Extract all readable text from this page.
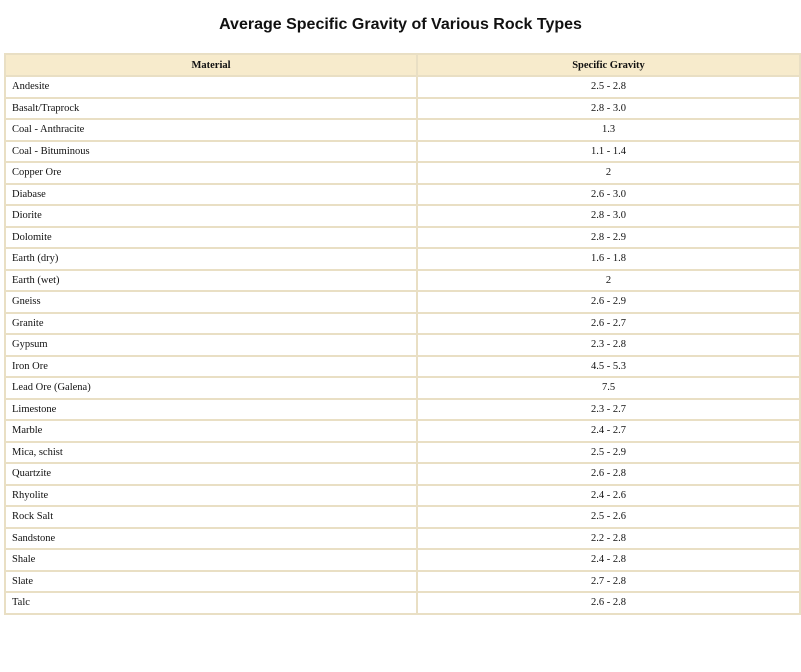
Average Specific Gravity of Various Rock Types
Material	Specific Gravity
Andesite	2.5 - 2.8
Basalt/Traprock	2.8 - 3.0
Coal - Anthracite	1.3
Coal - Bituminous	1.1 - 1.4
Copper Ore	2
Diabase	2.6 - 3.0
Diorite	2.8 - 3.0
Dolomite	2.8 - 2.9
Earth (dry)	1.6 - 1.8
Earth (wet)	2
Gneiss	2.6 - 2.9
Granite	2.6 - 2.7
Gypsum	2.3 - 2.8
Iron Ore	4.5 - 5.3
Lead Ore (Galena)	7.5
Limestone	2.3 - 2.7
Marble	2.4 - 2.7
Mica, schist	2.5 - 2.9
Quartzite	2.6 - 2.8
Rhyolite	2.4 - 2.6
Rock Salt	2.5 - 2.6
Sandstone	2.2 - 2.8
Shale	2.4 - 2.8
Slate	2.7 - 2.8
Talc	2.6 - 2.8
